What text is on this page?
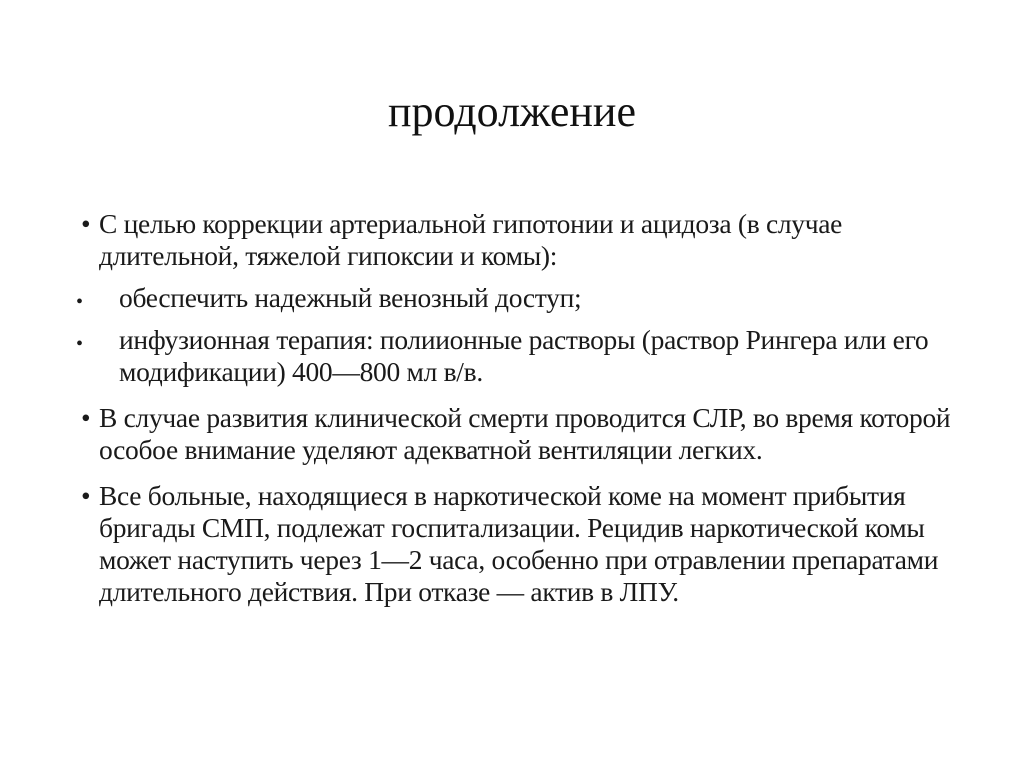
продолжение
• С целью коррекции артериальной гипотонии и ацидоза (в случае длительной, тяжелой гипоксии и комы):
• обеспечить надежный венозный доступ;
• инфузионная терапия: полиионные растворы (раствор Рингера или его модификации) 400—800 мл в/в.
• В случае развития клинической смерти проводится СЛР, во время которой особое внимание уделяют адекватной вентиляции легких.
• Все больные, находящиеся в наркотической коме на момент прибытия бригады СМП, подлежат госпитализации. Рецидив наркотической комы может наступить через 1—2 часа, особенно при отравлении препаратами длительного действия. При отказе — актив в ЛПУ.
